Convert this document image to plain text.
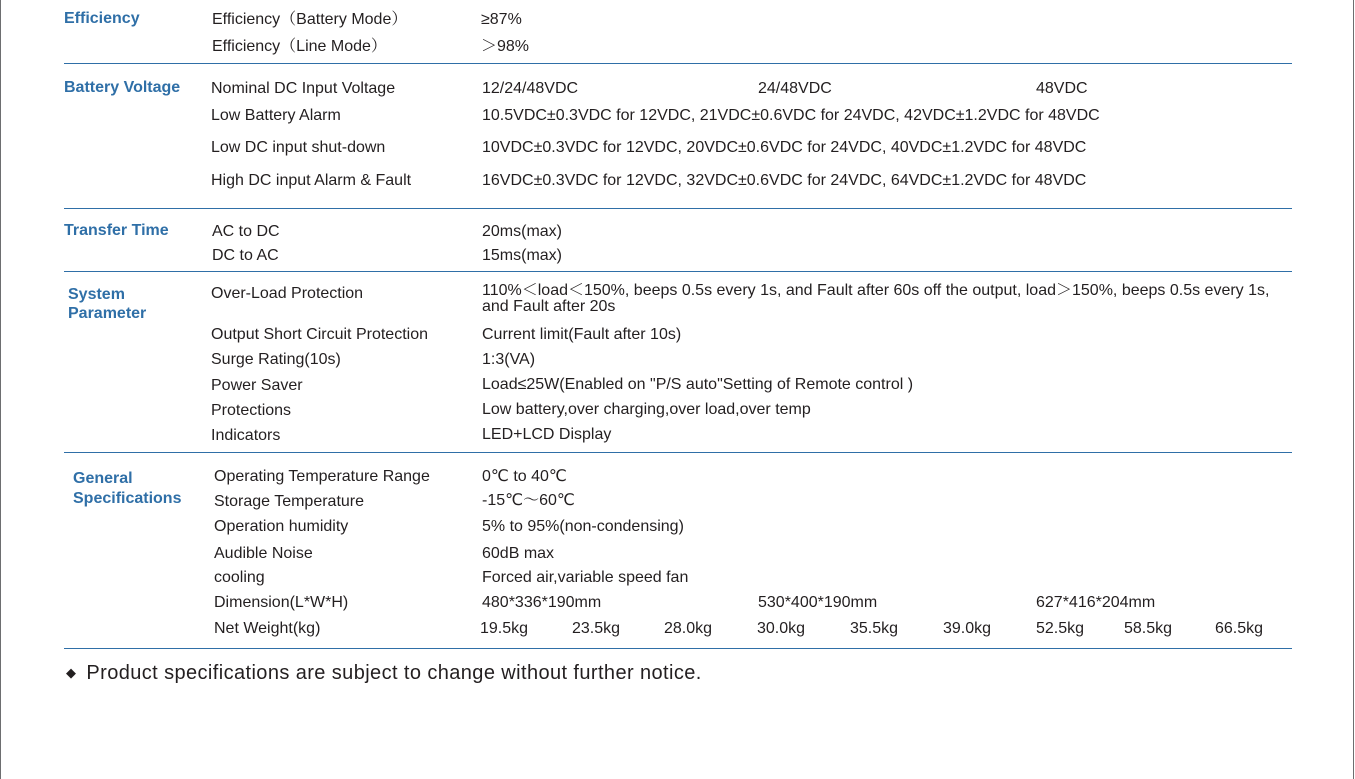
Efficiency	Efficiency（Battery Mode）	≥87%
Efficiency（Line Mode）	＞98%
Battery Voltage Nominal DC Input Voltage	12/24/48VDC	24/48VDC	48VDC
Low Battery Alarm	10.5VDC±0.3VDC for 12VDC, 21VDC±0.6VDC for 24VDC, 42VDC±1.2VDC for 48VDC
Low DC input shut-down	10VDC±0.3VDC for 12VDC, 20VDC±0.6VDC for 24VDC, 40VDC±1.2VDC for 48VDC
High DC input Alarm & Fault	16VDC±0.3VDC for 12VDC, 32VDC±0.6VDC for 24VDC, 64VDC±1.2VDC for 48VDC
Transfer Time	AC to DC	20ms(max)
DC to AC	15ms(max)
System
Parameter
Over-Load Protection	110%＜load＜150%, beeps 0.5s every 1s, and Fault after 60s off the output, load＞150%, beeps 0.5s every 1s, and Fault after 20s
Output Short Circuit Protection	Current limit(Fault after 10s)
Surge Rating(10s)	1:3(VA)
Power Saver	Load≤25W(Enabled on "P/S auto"Setting of Remote control )
Protections	Low battery,over charging,over load,over temp
Indicators	LED+LCD Display
General
Specifications
Operating Temperature Range	0℃ to 40℃
Storage Temperature	-15℃～60℃
Operation humidity	5% to 95%(non-condensing)
Audible Noise	60dB max
cooling	Forced air,variable speed fan
Dimension(L*W*H)	480*336*190mm	530*400*190mm	627*416*204mm
Net Weight(kg)	19.5kg	23.5kg	28.0kg	30.0kg	35.5kg	39.0kg	52.5kg 58.5kg	66.5kg
◆ Product specifications are subject to change without further notice.
